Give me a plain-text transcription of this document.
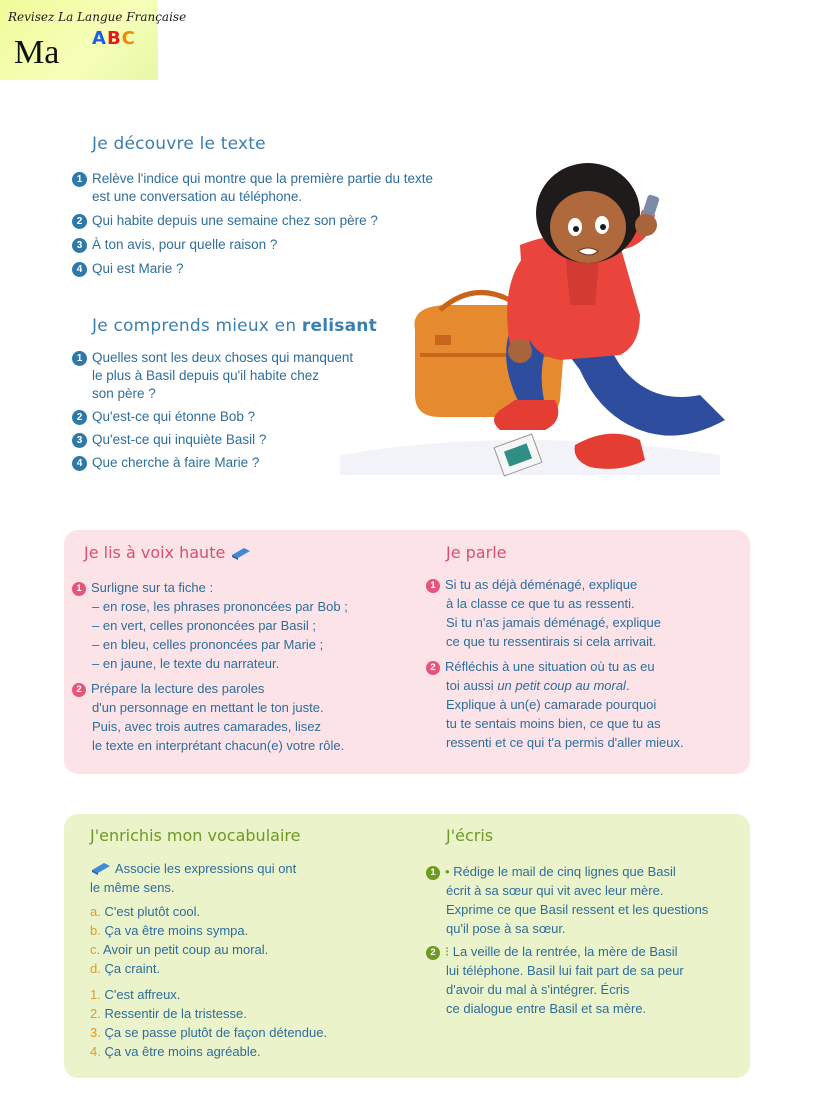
Revisez La Langue Française
Ma ABC
Je découvre le texte
1 Relève l'indice qui montre que la première partie du texte
est une conversation au téléphone.
2 Qui habite depuis une semaine chez son père ?
3 À ton avis, pour quelle raison ?
4 Qui est Marie ?
Je comprends mieux en relisant
1 Quelles sont les deux choses qui manquent
le plus à Basil depuis qu'il habite chez
son père ?
2 Qu'est-ce qui étonne Bob ?
3 Qu'est-ce qui inquiète Basil ?
4 Que cherche à faire Marie ?
Je lis à voix haute
1 Surligne sur ta fiche :
– en rose, les phrases prononcées par Bob ;
– en vert, celles prononcées par Basil ;
– en bleu, celles prononcées par Marie ;
– en jaune, le texte du narrateur.
2 Prépare la lecture des paroles
d'un personnage en mettant le ton juste.
Puis, avec trois autres camarades, lisez
le texte en interprétant chacun(e) votre rôle.
Je parle
1 Si tu as déjà déménagé, explique
à la classe ce que tu as ressenti.
Si tu n'as jamais déménagé, explique
ce que tu ressentirais si cela arrivait.
2 Réfléchis à une situation où tu as eu
toi aussi un petit coup au moral.
Explique à un(e) camarade pourquoi
tu te sentais moins bien, ce que tu as
ressenti et ce qui t'a permis d'aller mieux.
J'enrichis mon vocabulaire
Associe les expressions qui ont
le même sens.
a. C'est plutôt cool.
b. Ça va être moins sympa.
c. Avoir un petit coup au moral.
d. Ça craint.
1. C'est affreux.
2. Ressentir de la tristesse.
3. Ça se passe plutôt de façon détendue.
4. Ça va être moins agréable.
J'écris
1 • Rédige le mail de cinq lignes que Basil
écrit à sa sœur qui vit avec leur mère.
Exprime ce que Basil ressent et les questions
qu'il pose à sa sœur.
2 ⁝ La veille de la rentrée, la mère de Basil
lui téléphone. Basil lui fait part de sa peur
d'avoir du mal à s'intégrer. Écris
ce dialogue entre Basil et sa mère.
